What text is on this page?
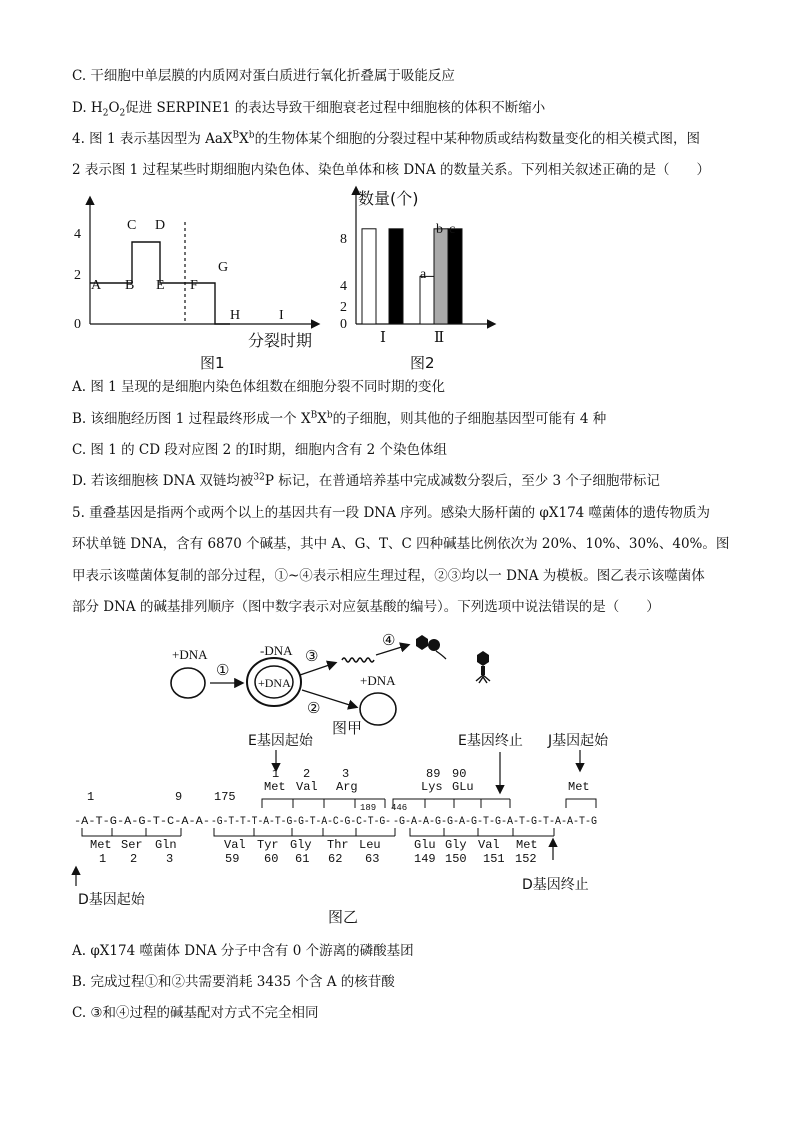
C. 干细胞中单层膜的内质网对蛋白质进行氧化折叠属于吸能反应
D. $H_2O_2$促进 SERPINE1 的表达导致干细胞衰老过程中细胞核的体积不断缩小
4. 图 1 表示基因型为 $AaX^BX^b$的生物体某个细胞的分裂过程中某种物质或结构数量变化的相关模式图，图
2 表示图 1 过程某些时期细胞内染色体、染色单体和核 DNA 的数量关系。下列相关叙述正确的是（　　）
0
2
4
A B
C D
E F
G
H	I
分裂时期
图1
数量(个)
0
2
4
8
a
b c
Ⅰ	Ⅱ
图2
A. 图 1 呈现的是细胞内染色体组数在细胞分裂不同时期的变化
B. 该细胞经历图 1 过程最终形成一个 $X^BX^b$的子细胞，则其他的子细胞基因型可能有 4 种
C. 图 1 的 CD 段对应图 2 的Ⅰ时期，细胞内含有 2 个染色体组
D. 若该细胞核 DNA 双链均被$^{32}$P 标记，在普通培养基中完成减数分裂后，至少 3 个子细胞带标记
5. 重叠基因是指两个或两个以上的基因共有一段 DNA 序列。感染大肠杆菌的 φX174 噬菌体的遗传物质为
环状单链 DNA，含有 6870 个碱基，其中 A、G、T、C 四种碱基比例依次为 20%、10%、30%、40%。图
甲表示该噬菌体复制的部分过程，①~④表示相应生理过程，②③均以一 DNA 为模板。图乙表示该噬菌体
部分 DNA 的碱基排列顺序（图中数字表示对应氨基酸的编号）。下列选项中说法错误的是（　　）
+DNA
①
-DNA
+DNA
③
④
②
+DNA
图甲
E基因起始	E基因终止 J基因起始
1 2	3
Met Val Arg
89 90
Lys GLu	Met
1	9	175
189 446
-A-T-G-A-G-T-C-A-A- -G-T-T-T-A-T-G-G-T-A-C-G-C-T-G- -G-A-A-G-G-A-G-T-G-A-T-G-T-A-A-T-G
Met Ser Gln
1 2 3
Val Tyr Gly Thr Leu
59 60 61 62 63
Glu Gly Val Met
149 150 151 152
D基因终止
D基因起始
图乙
A. φX174 噬菌体 DNA 分子中含有 0 个游离的磷酸基团
B. 完成过程①和②共需要消耗 3435 个含 A 的核苷酸
C. ③和④过程的碱基配对方式不完全相同
